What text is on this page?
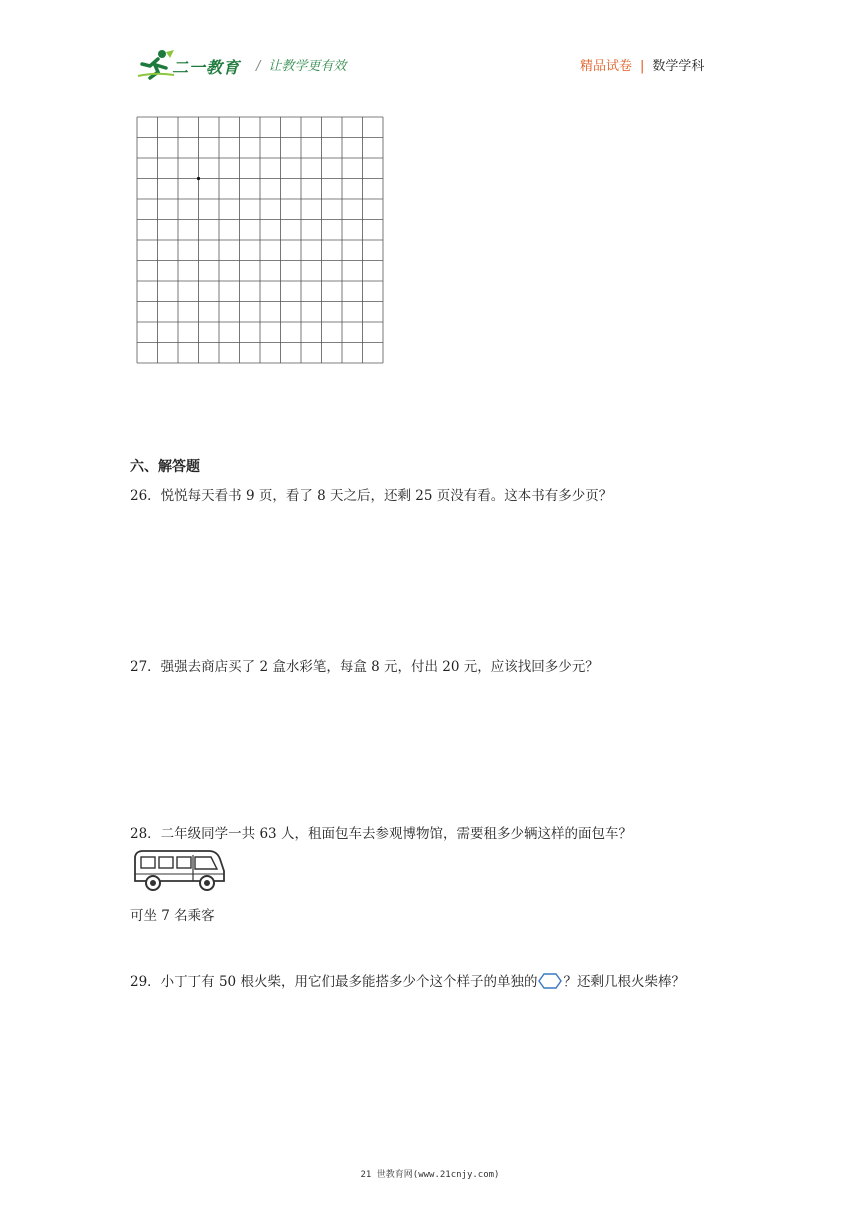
二一教育 / 让教学更有效	精品试卷 | 数学学科
六、解答题
26．悦悦每天看书 9 页，看了 8 天之后，还剩 25 页没有看。这本书有多少页？
27．强强去商店买了 2 盒水彩笔，每盒 8 元，付出 20 元，应该找回多少元？
28．二年级同学一共 63 人，租面包车去参观博物馆，需要租多少辆这样的面包车？
可坐 7 名乘客
29．小丁丁有 50 根火柴，用它们最多能搭多少个这个样子的单独的 ？还剩几根火柴棒？
21 世教育网(www.21cnjy.com)
